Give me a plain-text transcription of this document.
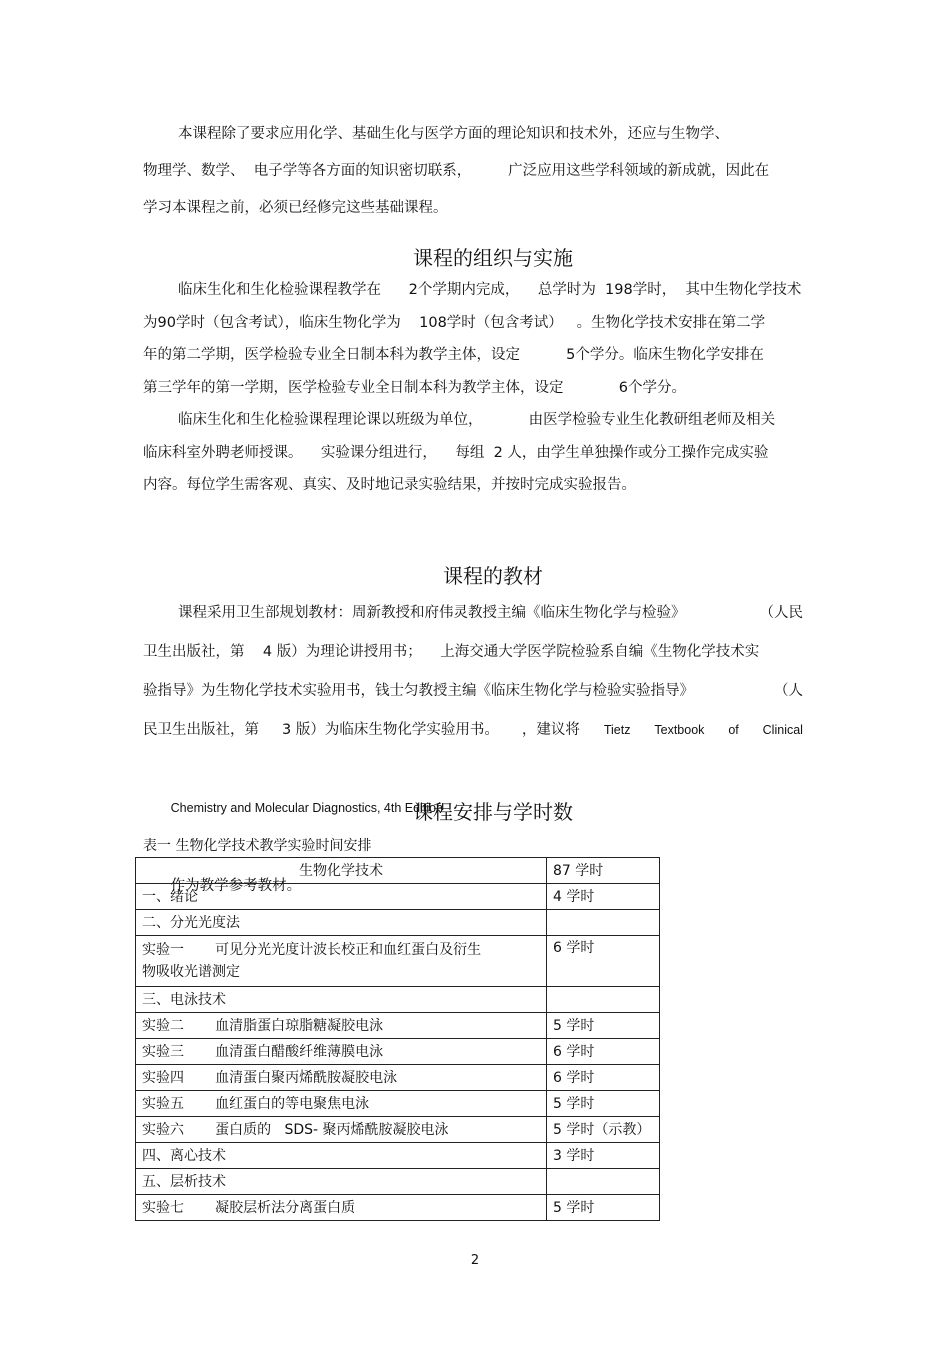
本课程除了要求应用化学、基础生化与医学方面的理论知识和技术外，还应与生物学、
物理学、数学、  电子学等各方面的知识密切联系，        广泛应用这些学科领域的新成就，因此在
学习本课程之前，必须已经修完这些基础课程。
课程的组织与实施
临床生化和生化检验课程教学在      2个学期内完成，    总学时为  198学时，  其中生物化学技术
为90学时（包含考试），临床生物化学为    108学时（包含考试）   。生物化学技术安排在第二学
年的第二学期，医学检验专业全日制本科为教学主体，设定          5个学分。临床生物化学安排在
第三学年的第一学期，医学检验专业全日制本科为教学主体，设定            6个学分。
临床生化和生化检验课程理论课以班级为单位，          由医学检验专业生化教研组老师及相关
临床科室外聘老师授课。    实验课分组进行，    每组  2 人，由学生单独操作或分工操作完成实验
内容。每位学生需客观、真实、及时地记录实验结果，并按时完成实验报告。
课程的教材
课程采用卫生部规划教材：周新教授和府伟灵教授主编《临床生物化学与检验》	（人民
卫生出版社，第    4 版）为理论讲授用书；    上海交通大学医学院检验系自编《生物化学技术实
验指导》为生物化学技术实验用书，钱士匀教授主编《临床生物化学与检验实验指导》	（人
民卫生出版社，第     3 版）为临床生物化学实验用书。     ，建议将 Tietz Textbook of Clinical

Chemistry and Molecular Diagnostics, 4th Edition

作为教学参考教材。

课程安排与学时数
表一 生物化学技术教学实验时间安排
生物化学技术	87 学时
一、绪论	4 学时
二、分光光度法	

实验一       可见分光光度计波长校正和血红蛋白及衍生
物吸收光谱测定	6 学时
三、电泳技术	
实验二       血清脂蛋白琼脂糖凝胶电泳	5 学时
实验三       血清蛋白醋酸纤维薄膜电泳	6 学时
实验四       血清蛋白聚丙烯酰胺凝胶电泳	6 学时
实验五       血红蛋白的等电聚焦电泳	5 学时
实验六       蛋白质的   SDS- 聚丙烯酰胺凝胶电泳	5 学时（示教）
四、离心技术	3 学时
五、层析技术	
实验七       凝胶层析法分离蛋白质	5 学时
2
